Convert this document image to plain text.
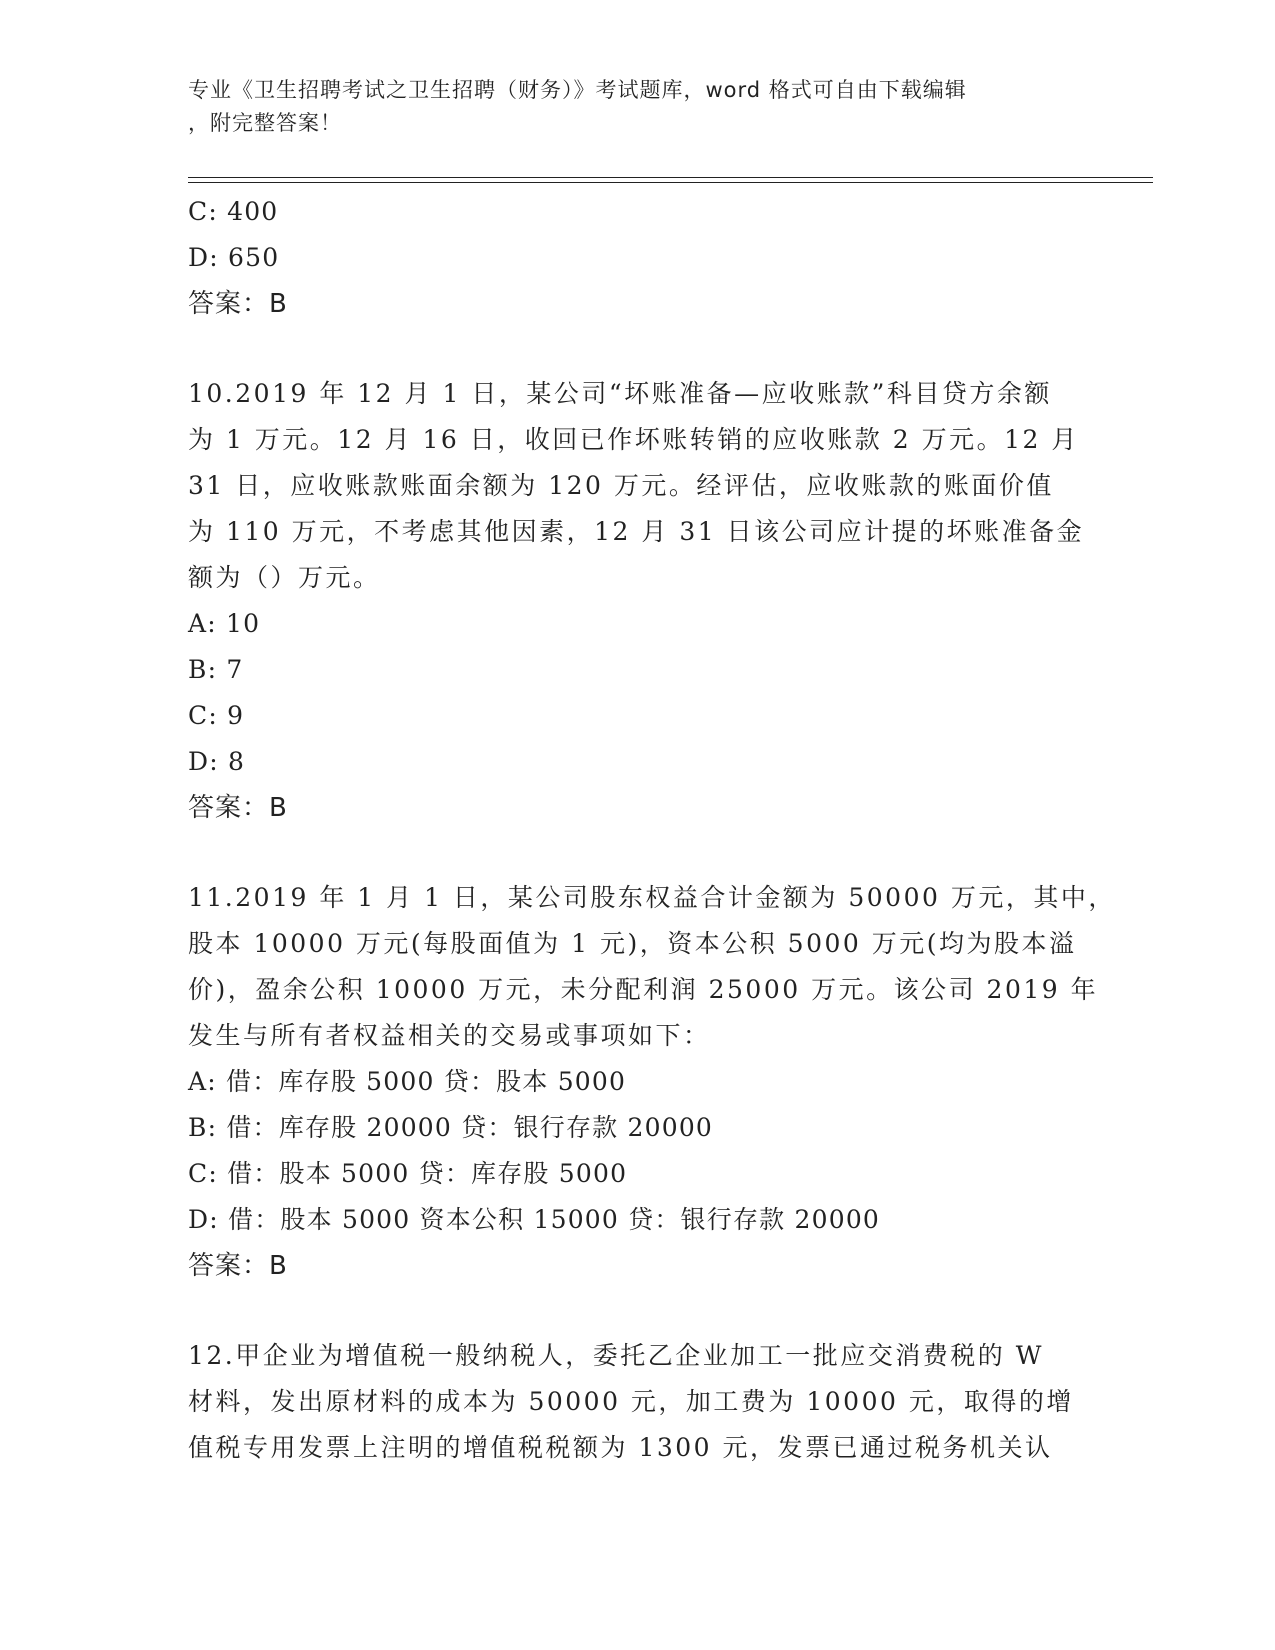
专业《卫生招聘考试之卫生招聘（财务）》考试题库，word 格式可自由下载编辑
，附完整答案！
C: 400
D: 650
答案：B
10.2019 年 12 月 1 日，某公司“坏账准备—应收账款”科目贷方余额
为 1 万元。12 月 16 日，收回已作坏账转销的应收账款 2 万元。12 月
31 日，应收账款账面余额为 120 万元。经评估，应收账款的账面价值
为 110 万元，不考虑其他因素，12 月 31 日该公司应计提的坏账准备金
额为（）万元。
A: 10
B: 7
C: 9
D: 8
答案：B
11.2019 年 1 月 1 日，某公司股东权益合计金额为 50000 万元，其中，
股本 10000 万元(每股面值为 1 元)，资本公积 5000 万元(均为股本溢
价)，盈余公积 10000 万元，未分配利润 25000 万元。该公司 2019 年
发生与所有者权益相关的交易或事项如下：
A: 借：库存股 5000 贷：股本 5000
B: 借：库存股 20000 贷：银行存款 20000
C: 借：股本 5000 贷：库存股 5000
D: 借：股本 5000 资本公积 15000 贷：银行存款 20000
答案：B
12.甲企业为增值税一般纳税人，委托乙企业加工一批应交消费税的 W
材料，发出原材料的成本为 50000 元，加工费为 10000 元，取得的增
值税专用发票上注明的增值税税额为 1300 元，发票已通过税务机关认
